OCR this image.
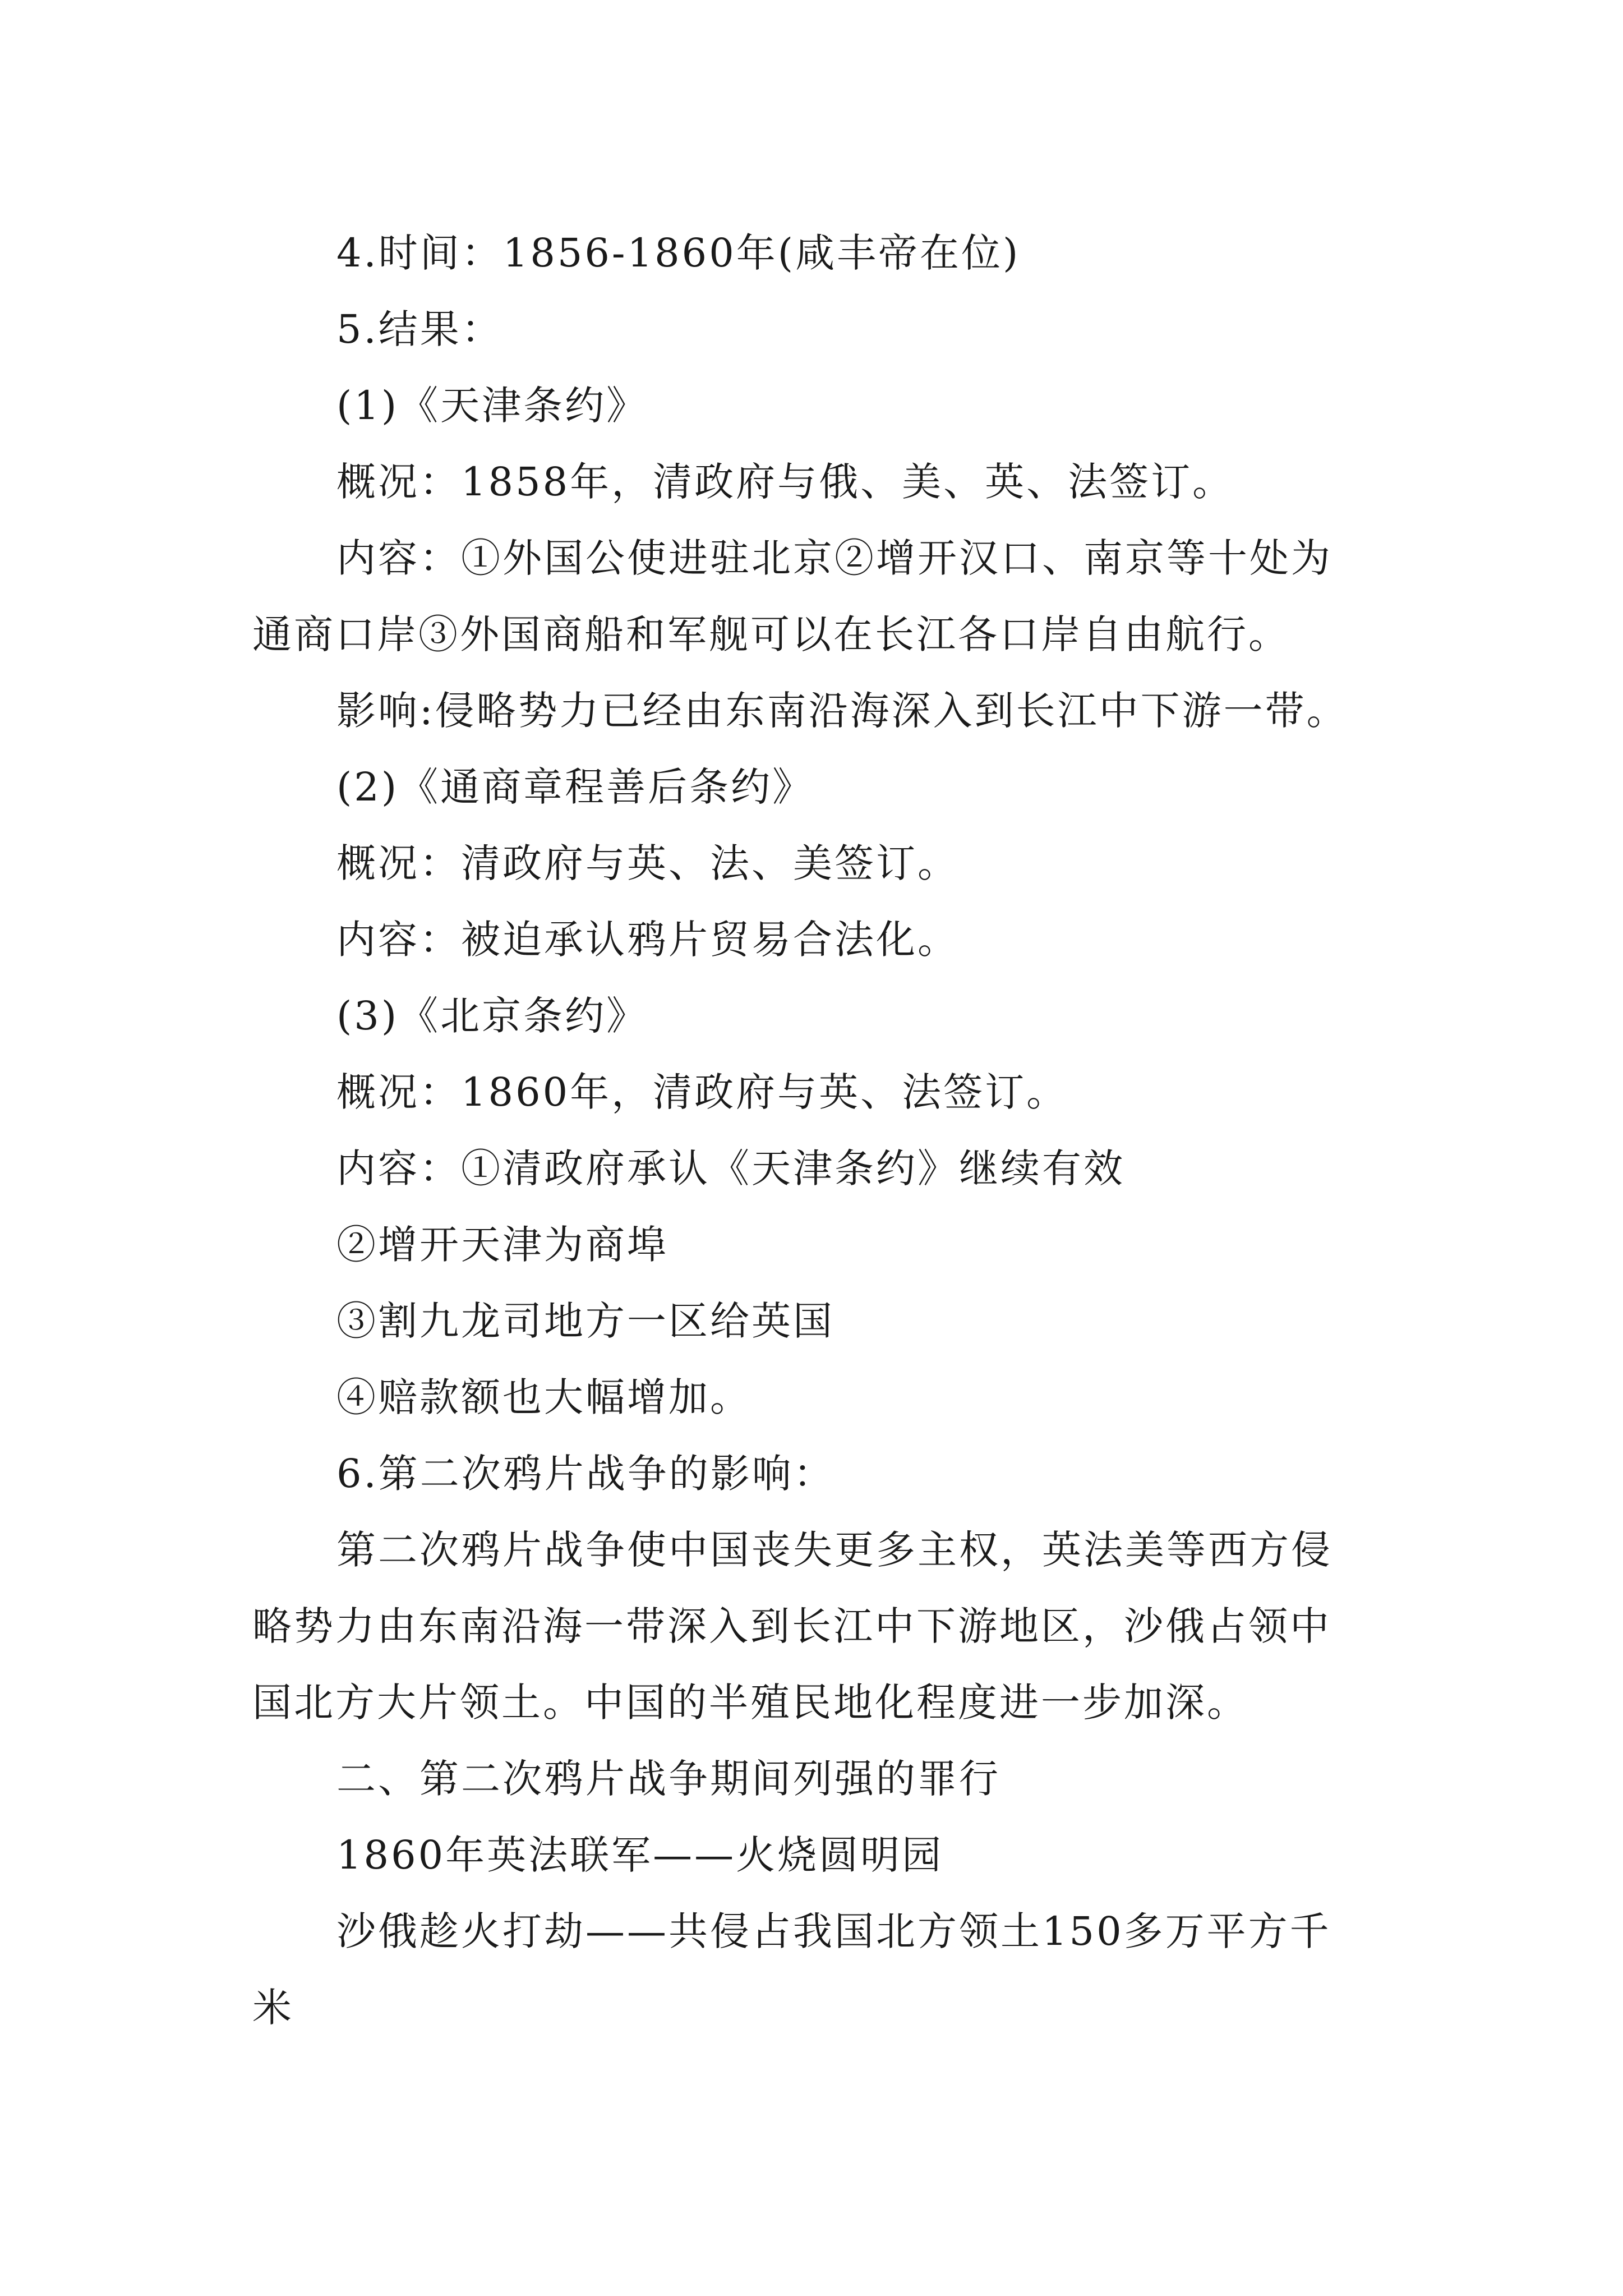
4.时间：1856-1860年(咸丰帝在位)
5.结果：
(1)《天津条约》
概况：1858年，清政府与俄、美、英、法签订。
内容：①外国公使进驻北京②增开汉口、南京等十处为
通商口岸③外国商船和军舰可以在长江各口岸自由航行。
影响:侵略势力已经由东南沿海深入到长江中下游一带。
(2)《通商章程善后条约》
概况：清政府与英、法、美签订。
内容：被迫承认鸦片贸易合法化。
(3)《北京条约》
概况：1860年，清政府与英、法签订。
内容：①清政府承认《天津条约》继续有效
②增开天津为商埠
③割九龙司地方一区给英国
④赔款额也大幅增加。
6.第二次鸦片战争的影响：
第二次鸦片战争使中国丧失更多主权，英法美等西方侵
略势力由东南沿海一带深入到长江中下游地区，沙俄占领中
国北方大片领土。中国的半殖民地化程度进一步加深。
二、第二次鸦片战争期间列强的罪行
1860年英法联军——火烧圆明园
沙俄趁火打劫——共侵占我国北方领土150多万平方千
米
